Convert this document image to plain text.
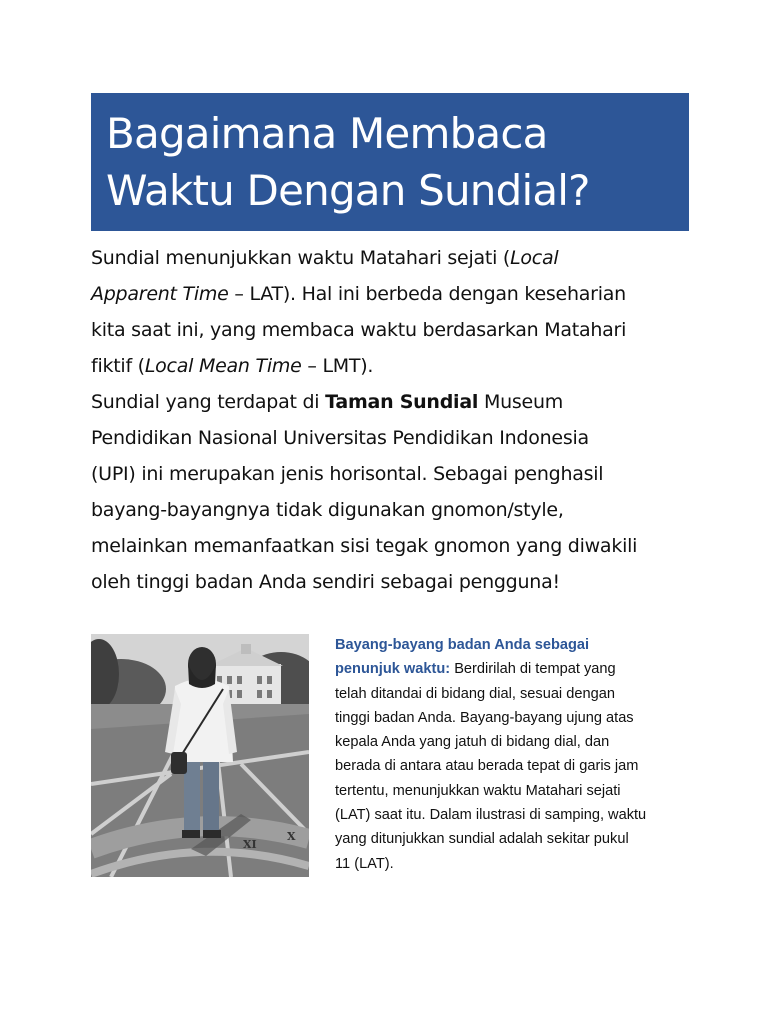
Bagaimana Membaca
Waktu Dengan Sundial?

Sundial menunjukkan waktu Matahari sejati (Local
Apparent Time – LAT). Hal ini berbeda dengan keseharian
kita saat ini, yang membaca waktu berdasarkan Matahari
fiktif (Local Mean Time – LMT).

Sundial yang terdapat di Taman Sundial Museum
Pendidikan Nasional Universitas Pendidikan Indonesia
(UPI) ini merupakan jenis horisontal. Sebagai penghasil
bayang-bayangnya tidak digunakan gnomon/style,
melainkan memanfaatkan sisi tegak gnomon yang diwakili
oleh tinggi badan Anda sendiri sebagai pengguna!

XI
X

Bayang-bayang badan Anda sebagai
penunjuk waktu: Berdirilah di tempat yang
telah ditandai di bidang dial, sesuai dengan
tinggi badan Anda. Bayang-bayang ujung atas
kepala Anda yang jatuh di bidang dial, dan
berada di antara atau berada tepat di garis jam
tertentu, menunjukkan waktu Matahari sejati
(LAT) saat itu. Dalam ilustrasi di samping, waktu
yang ditunjukkan sundial adalah sekitar pukul
11 (LAT).
